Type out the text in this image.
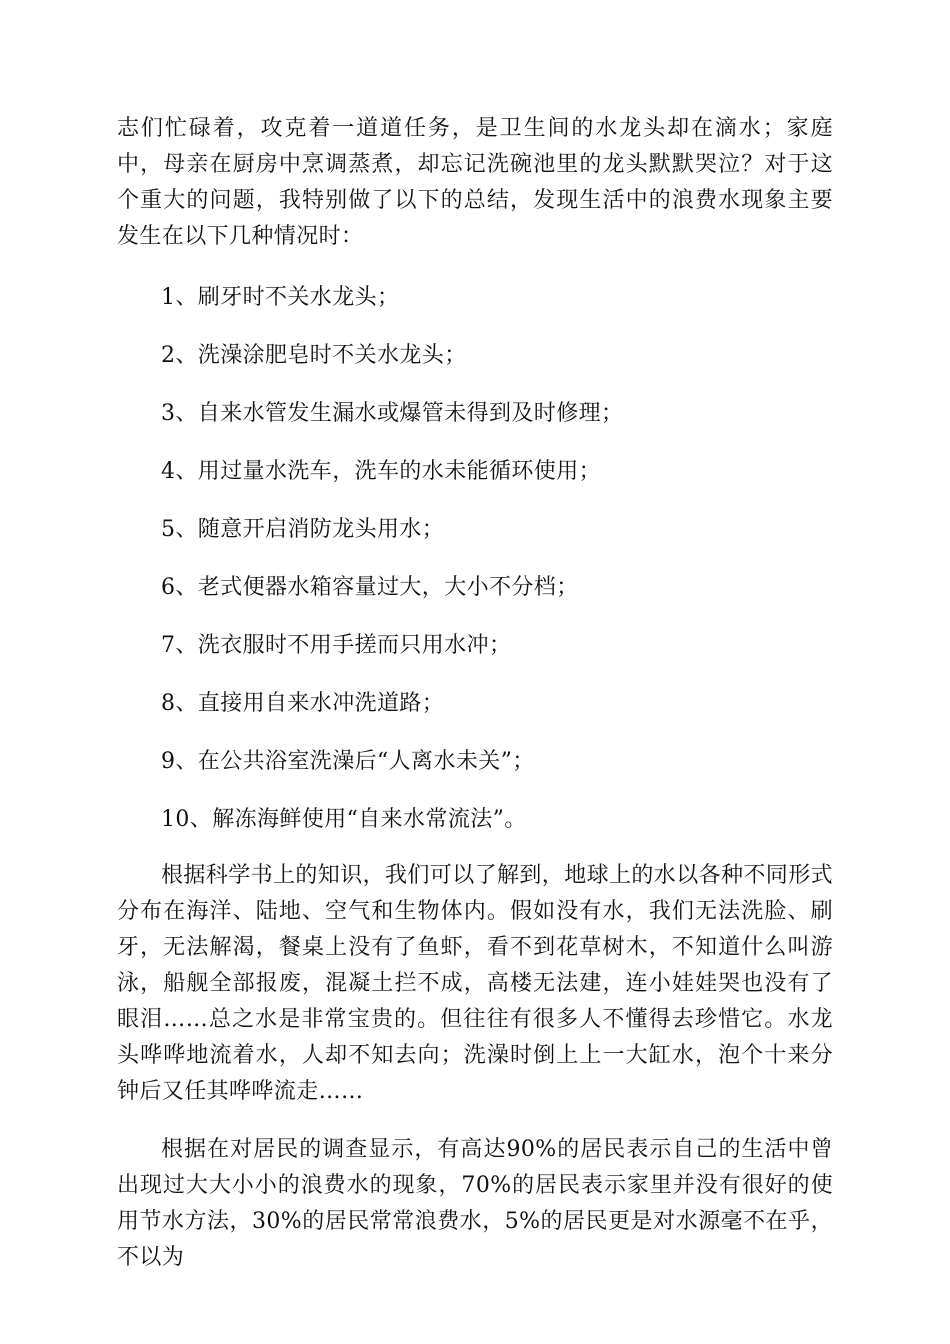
志们忙碌着，攻克着一道道任务，是卫生间的水龙头却在滴水；家庭中，母亲在厨房中烹调蒸煮，却忘记洗碗池里的龙头默默哭泣？对于这个重大的问题，我特别做了以下的总结，发现生活中的浪费水现象主要发生在以下几种情况时：

1、刷牙时不关水龙头；
2、洗澡涂肥皂时不关水龙头；
3、自来水管发生漏水或爆管未得到及时修理；
4、用过量水洗车，洗车的水未能循环使用；
5、随意开启消防龙头用水；
6、老式便器水箱容量过大，大小不分档；
7、洗衣服时不用手搓而只用水冲；
8、直接用自来水冲洗道路；
9、在公共浴室洗澡后“人离水未关”；
10、解冻海鲜使用“自来水常流法”。

根据科学书上的知识，我们可以了解到，地球上的水以各种不同形式分布在海洋、陆地、空气和生物体内。假如没有水，我们无法洗脸、刷牙，无法解渴，餐桌上没有了鱼虾，看不到花草树木，不知道什么叫游泳，船舰全部报废，混凝土拦不成，高楼无法建，连小娃娃哭也没有了眼泪……总之水是非常宝贵的。但往往有很多人不懂得去珍惜它。水龙头哗哗地流着水，人却不知去向；洗澡时倒上上一大缸水，泡个十来分钟后又任其哗哗流走……

根据在对居民的调查显示，有高达90%的居民表示自己的生活中曾出现过大大小小的浪费水的现象，70%的居民表示家里并没有很好的使用节水方法，30%的居民常常浪费水，5%的居民更是对水源毫不在乎，不以为
